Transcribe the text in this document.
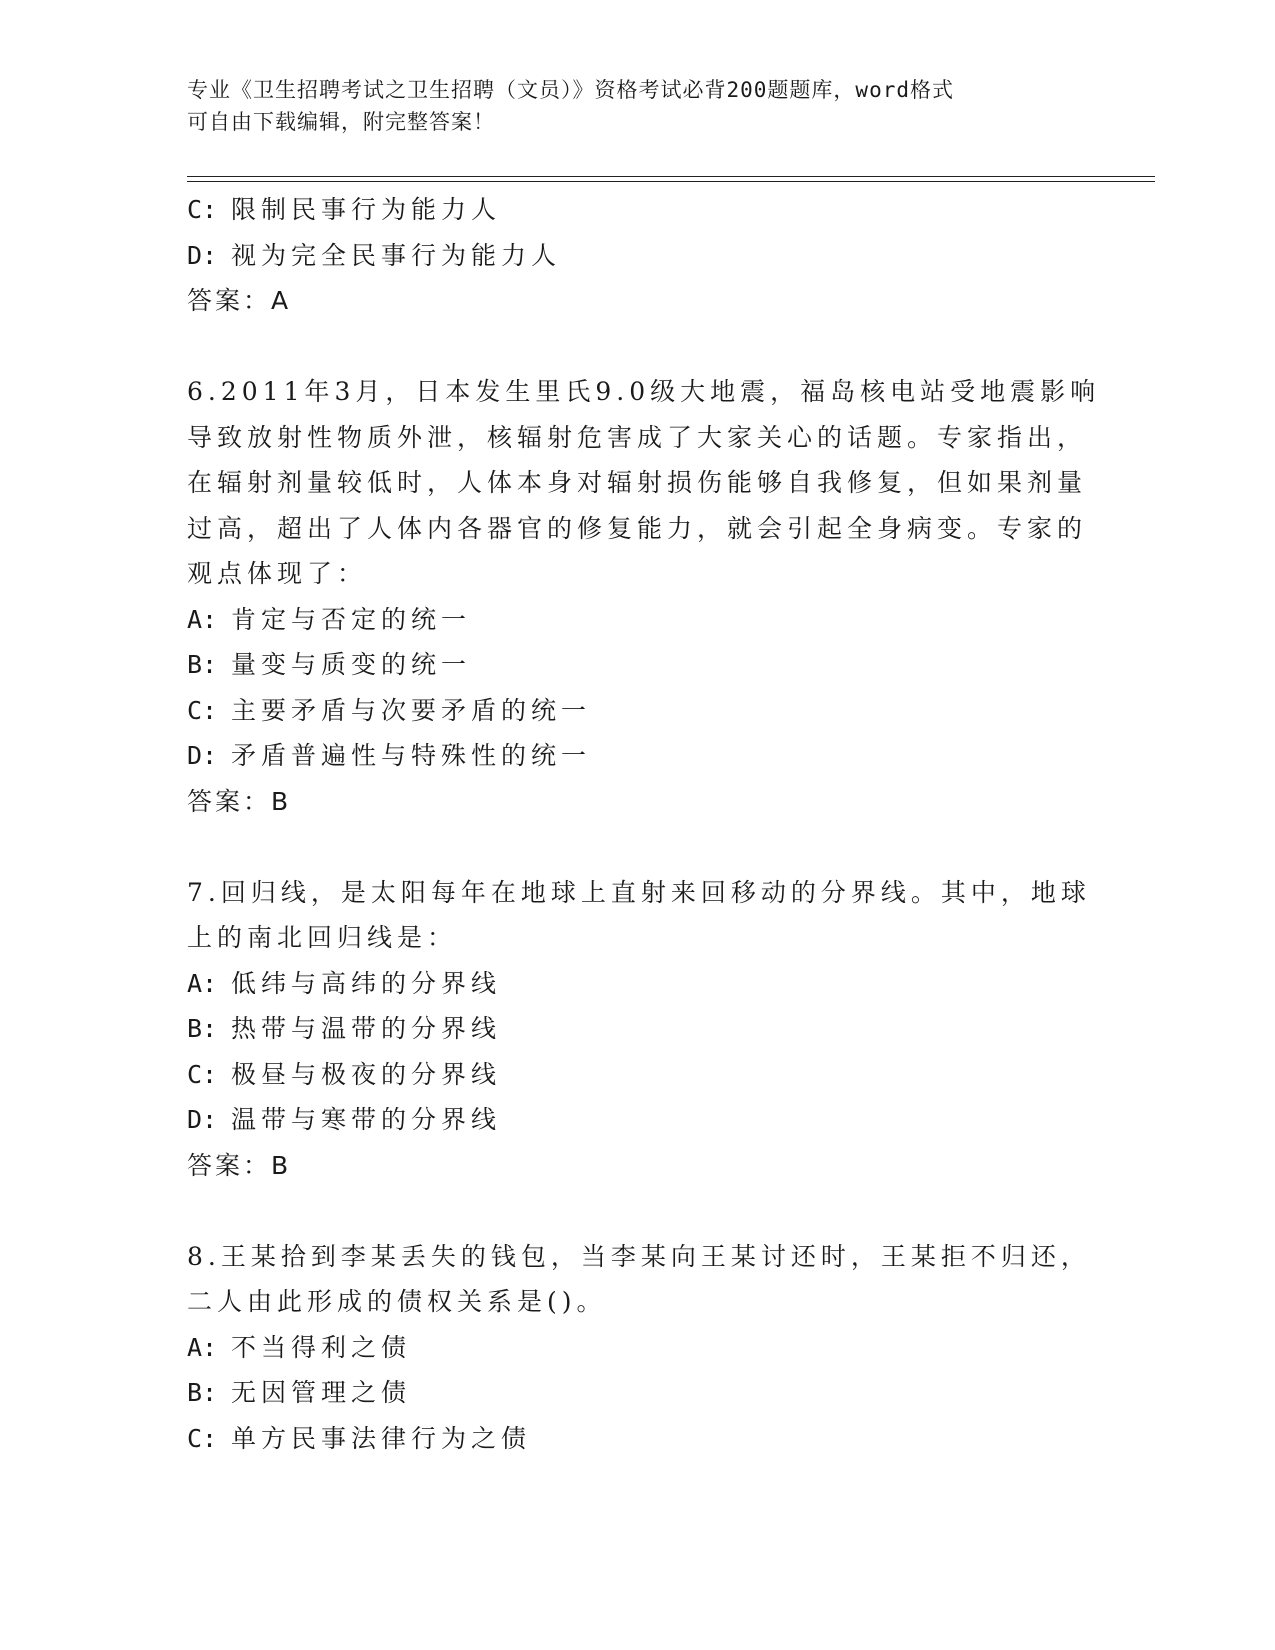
专业《卫生招聘考试之卫生招聘（文员）》资格考试必背200题题库，word格式
可自由下载编辑，附完整答案！
C: 限制民事行为能力人
D: 视为完全民事行为能力人
答案：A
6.2011年3月，日本发生里氏9.0级大地震，福岛核电站受地震影响
导致放射性物质外泄，核辐射危害成了大家关心的话题。专家指出，
在辐射剂量较低时，人体本身对辐射损伤能够自我修复，但如果剂量
过高，超出了人体内各器官的修复能力，就会引起全身病变。专家的
观点体现了：
A: 肯定与否定的统一
B: 量变与质变的统一
C: 主要矛盾与次要矛盾的统一
D: 矛盾普遍性与特殊性的统一
答案：B
7.回归线，是太阳每年在地球上直射来回移动的分界线。其中，地球
上的南北回归线是：
A: 低纬与高纬的分界线
B: 热带与温带的分界线
C: 极昼与极夜的分界线
D: 温带与寒带的分界线
答案：B
8.王某拾到李某丢失的钱包，当李某向王某讨还时，王某拒不归还，
二人由此形成的债权关系是()。
A: 不当得利之债
B: 无因管理之债
C: 单方民事法律行为之债
